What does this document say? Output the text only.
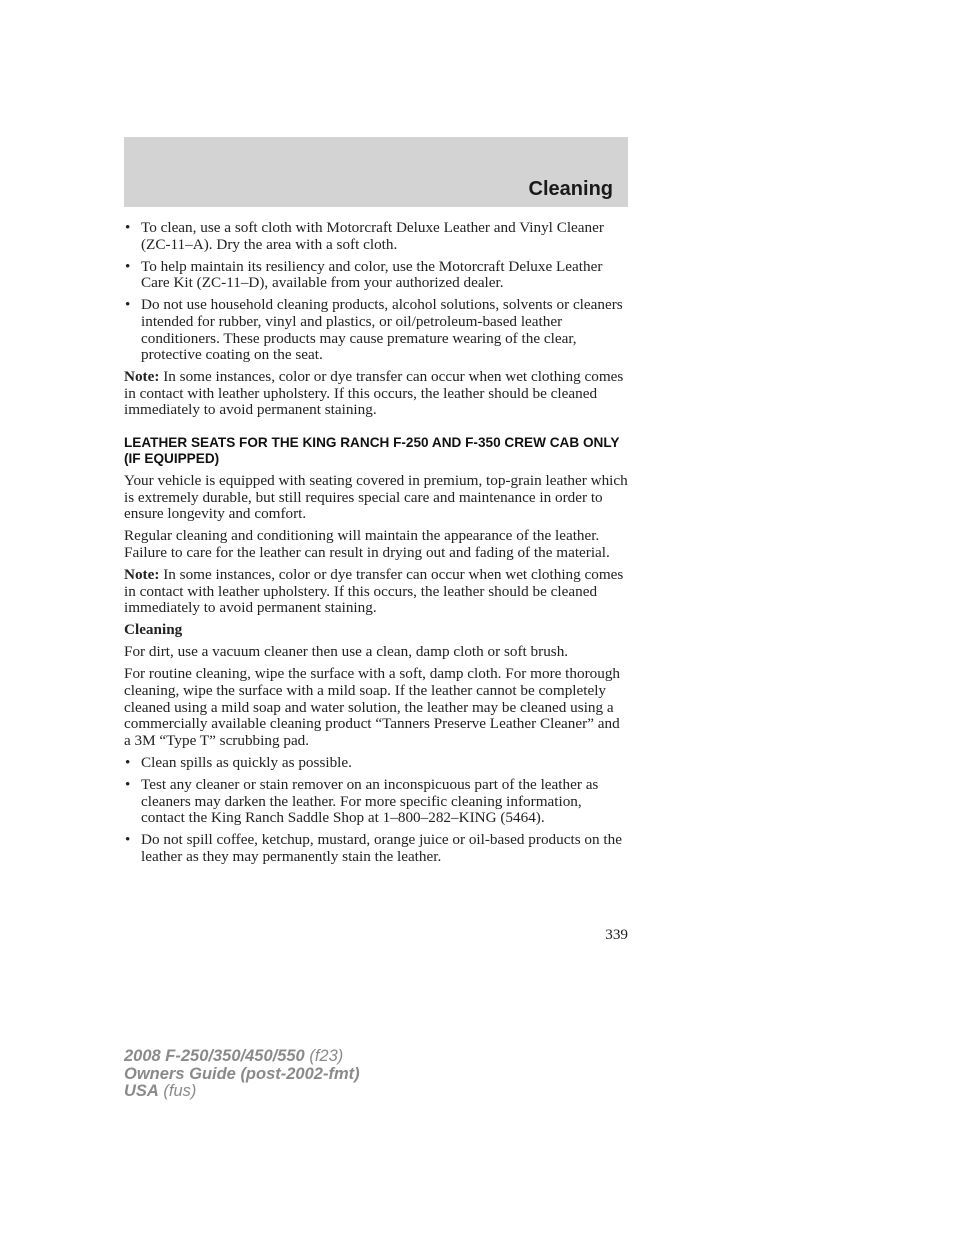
Cleaning
• To clean, use a soft cloth with Motorcraft Deluxe Leather and Vinyl Cleaner (ZC-11–A). Dry the area with a soft cloth.
• To help maintain its resiliency and color, use the Motorcraft Deluxe Leather Care Kit (ZC-11–D), available from your authorized dealer.
• Do not use household cleaning products, alcohol solutions, solvents or cleaners intended for rubber, vinyl and plastics, or oil/petroleum-based leather conditioners. These products may cause premature wearing of the clear, protective coating on the seat.

Note: In some instances, color or dye transfer can occur when wet clothing comes in contact with leather upholstery. If this occurs, the leather should be cleaned immediately to avoid permanent staining.

LEATHER SEATS FOR THE KING RANCH F-250 AND F-350 CREW CAB ONLY (IF EQUIPPED)

Your vehicle is equipped with seating covered in premium, top-grain leather which is extremely durable, but still requires special care and maintenance in order to ensure longevity and comfort.

Regular cleaning and conditioning will maintain the appearance of the leather. Failure to care for the leather can result in drying out and fading of the material.

Note: In some instances, color or dye transfer can occur when wet clothing comes in contact with leather upholstery. If this occurs, the leather should be cleaned immediately to avoid permanent staining.

Cleaning

For dirt, use a vacuum cleaner then use a clean, damp cloth or soft brush.

For routine cleaning, wipe the surface with a soft, damp cloth. For more thorough cleaning, wipe the surface with a mild soap. If the leather cannot be completely cleaned using a mild soap and water solution, the leather may be cleaned using a commercially available cleaning product “Tanners Preserve Leather Cleaner” and a 3M “Type T” scrubbing pad.

• Clean spills as quickly as possible.
• Test any cleaner or stain remover on an inconspicuous part of the leather as cleaners may darken the leather. For more specific cleaning information, contact the King Ranch Saddle Shop at 1–800–282–KING (5464).
• Do not spill coffee, ketchup, mustard, orange juice or oil-based products on the leather as they may permanently stain the leather.
339
2008 F-250/350/450/550 (f23)
Owners Guide (post-2002-fmt)
USA (fus)
